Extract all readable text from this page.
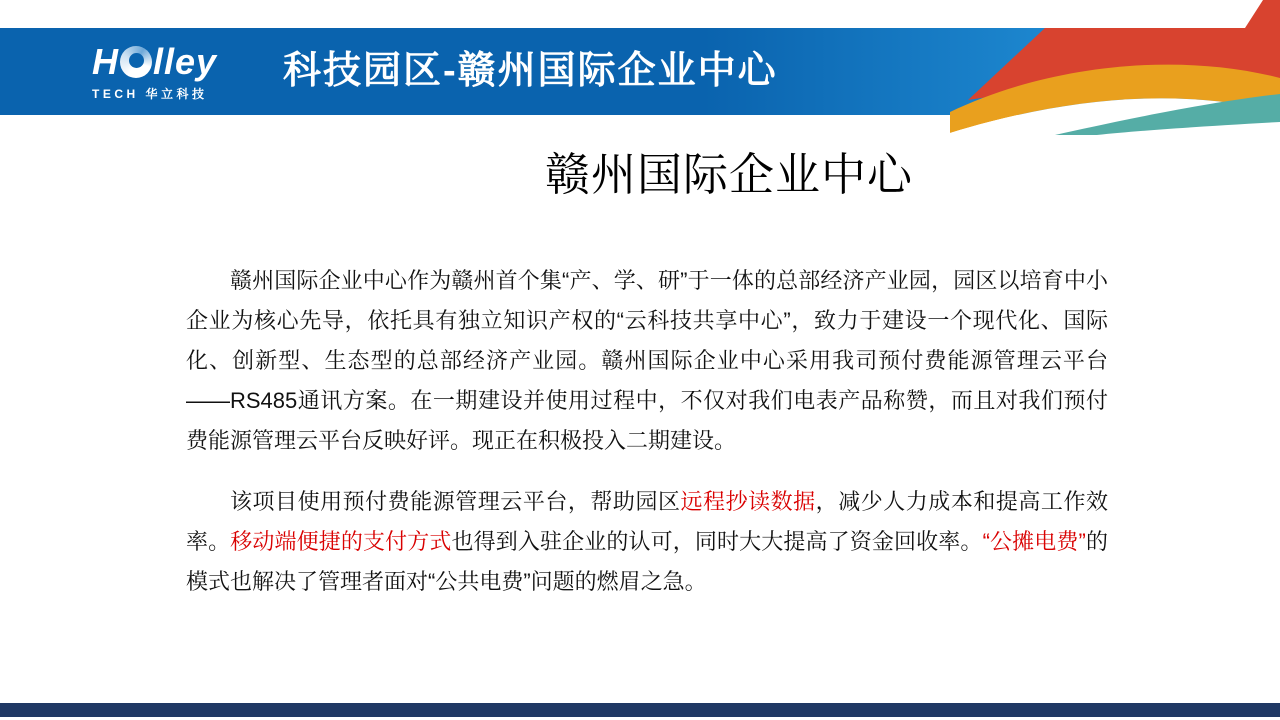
H lley
TECH 华立科技
科技园区-赣州国际企业中心
赣州国际企业中心

赣州国际企业中心作为赣州首个集“产、学、研”于一体的总部经济产业园，园区以培育中小企业为核心先导，依托具有独立知识产权的“云科技共享中心”，致力于建设一个现代化、国际化、创新型、生态型的总部经济产业园。赣州国际企业中心采用我司预付费能源管理云平台——RS485通讯方案。在一期建设并使用过程中，不仅对我们电表产品称赞，而且对我们预付费能源管理云平台反映好评。现正在积极投入二期建设。

该项目使用预付费能源管理云平台，帮助园区远程抄读数据，减少人力成本和提高工作效率。移动端便捷的支付方式也得到入驻企业的认可，同时大大提高了资金回收率。“公摊电费”的模式也解决了管理者面对“公共电费”问题的燃眉之急。
